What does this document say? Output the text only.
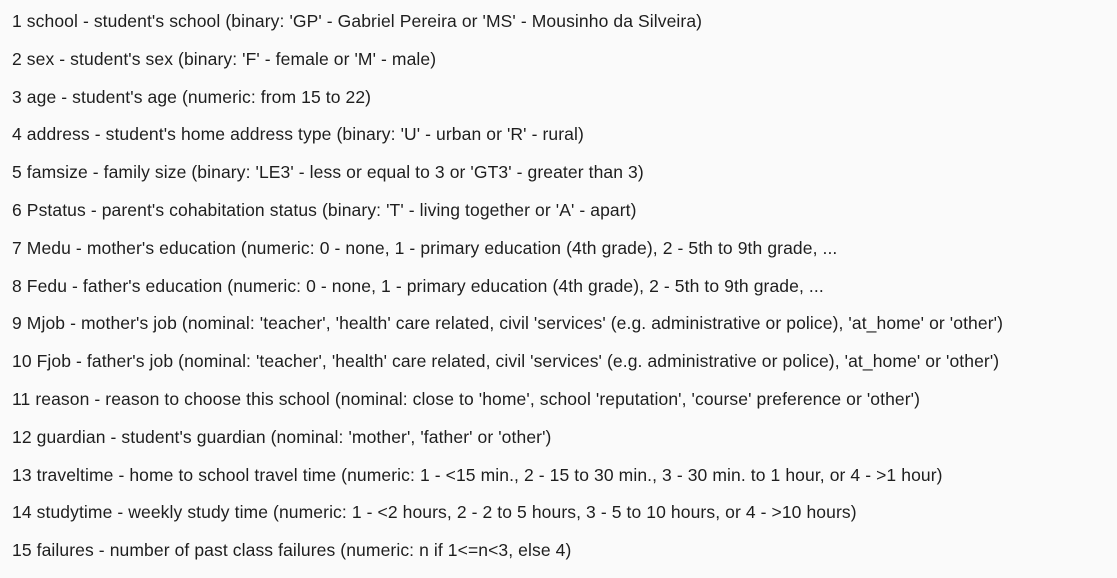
1 school - student's school (binary: 'GP' - Gabriel Pereira or 'MS' - Mousinho da Silveira)

2 sex - student's sex (binary: 'F' - female or 'M' - male)

3 age - student's age (numeric: from 15 to 22)

4 address - student's home address type (binary: 'U' - urban or 'R' - rural)

5 famsize - family size (binary: 'LE3' - less or equal to 3 or 'GT3' - greater than 3)

6 Pstatus - parent's cohabitation status (binary: 'T' - living together or 'A' - apart)

7 Medu - mother's education (numeric: 0 - none, 1 - primary education (4th grade), 2 - 5th to 9th grade, ...

8 Fedu - father's education (numeric: 0 - none, 1 - primary education (4th grade), 2 - 5th to 9th grade, ...

9 Mjob - mother's job (nominal: 'teacher', 'health' care related, civil 'services' (e.g. administrative or police), 'at_home' or 'other')

10 Fjob - father's job (nominal: 'teacher', 'health' care related, civil 'services' (e.g. administrative or police), 'at_home' or 'other')

11 reason - reason to choose this school (nominal: close to 'home', school 'reputation', 'course' preference or 'other')

12 guardian - student's guardian (nominal: 'mother', 'father' or 'other')

13 traveltime - home to school travel time (numeric: 1 - <15 min., 2 - 15 to 30 min., 3 - 30 min. to 1 hour, or 4 - >1 hour)

14 studytime - weekly study time (numeric: 1 - <2 hours, 2 - 2 to 5 hours, 3 - 5 to 10 hours, or 4 - >10 hours)

15 failures - number of past class failures (numeric: n if 1<=n<3, else 4)
